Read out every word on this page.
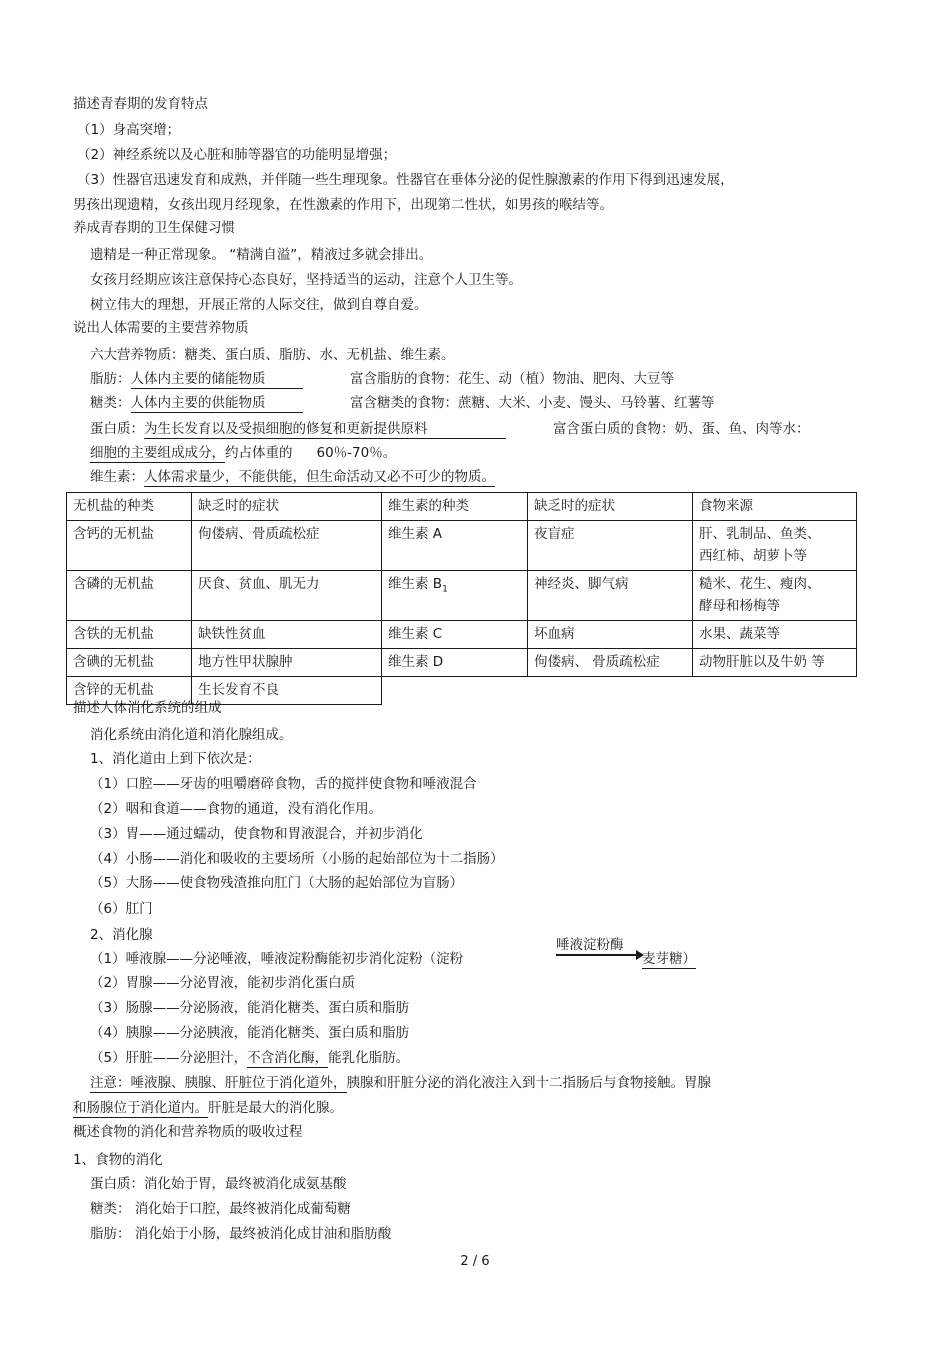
描述青春期的发育特点
（1）身高突增；
（2）神经系统以及心脏和肺等器官的功能明显增强；
（3）性器官迅速发育和成熟，并伴随一些生理现象。性器官在垂体分泌的促性腺激素的作用下得到迅速发展，
男孩出现遗精，女孩出现月经现象，在性激素的作用下，出现第二性状，如男孩的喉结等。
养成青春期的卫生保健习惯
遗精是一种正常现象。 “精满自溢”，精液过多就会排出。
女孩月经期应该注意保持心态良好，坚持适当的运动，注意个人卫生等。
树立伟大的理想，开展正常的人际交往，做到自尊自爱。
说出人体需要的主要营养物质
六大营养物质：糖类、蛋白质、脂肪、水、无机盐、维生素。
脂肪：人体内主要的储能物质	富含脂肪的食物：花生、动（植）物油、肥肉、大豆等
糖类：人体内主要的供能物质	富含糖类的食物：蔗糖、大米、小麦、馒头、马铃薯、红薯等
蛋白质：为生长发育以及受损细胞的修复和更新提供原料	富含蛋白质的食物：奶、蛋、鱼、肉等水：
细胞的主要组成成分，约占体重的 60％-70％。
维生素：人体需求量少，不能供能，但生命活动又必不可少的物质。
无机盐的种类	缺乏时的症状	维生素的种类	缺乏时的症状	食物来源
含钙的无机盐	佝偻病、骨质疏松症	维生素 A	夜盲症	肝、乳制品、鱼类、
西红柿、胡萝卜等

含磷的无机盐	厌食、贫血、肌无力	维生素 $B_1$	神经炎、脚气病	糙米、花生、瘦肉、
酵母和杨梅等

含铁的无机盐	缺铁性贫血	维生素 C	坏血病	水果、蔬菜等
含碘的无机盐	地方性甲状腺肿	维生素 D	佝偻病、 骨质疏松症	动物肝脏以及牛奶 等
含锌的无机盐	生长发育不良			
描述人体消化系统的组成
消化系统由消化道和消化腺组成。
1、消化道由上到下依次是：
（1）口腔——牙齿的咀嚼磨碎食物，舌的搅拌使食物和唾液混合
（2）咽和食道——食物的通道，没有消化作用。
（3）胃——通过蠕动，使食物和胃液混合，并初步消化
（4）小肠——消化和吸收的主要场所（小肠的起始部位为十二指肠）
（5）大肠——使食物残渣推向肛门（大肠的起始部位为盲肠）
（6）肛门
2、消化腺
唾液淀粉酶
麦芽糖）
（1）唾液腺——分泌唾液，唾液淀粉酶能初步消化淀粉（淀粉
（2）胃腺——分泌胃液，能初步消化蛋白质
（3）肠腺——分泌肠液，能消化糖类、蛋白质和脂肪
（4）胰腺——分泌胰液，能消化糖类、蛋白质和脂肪
（5）肝脏——分泌胆汁，不含消化酶，能乳化脂肪。
注意：唾液腺、胰腺、肝脏位于消化道外，胰腺和肝脏分泌的消化液注入到十二指肠后与食物接触。胃腺
和肠腺位于消化道内。肝脏是最大的消化腺。
概述食物的消化和营养物质的吸收过程
1、食物的消化
蛋白质：消化始于胃，最终被消化成氨基酸
糖类： 消化始于口腔，最终被消化成葡萄糖
脂肪： 消化始于小肠，最终被消化成甘油和脂肪酸
2 / 6
